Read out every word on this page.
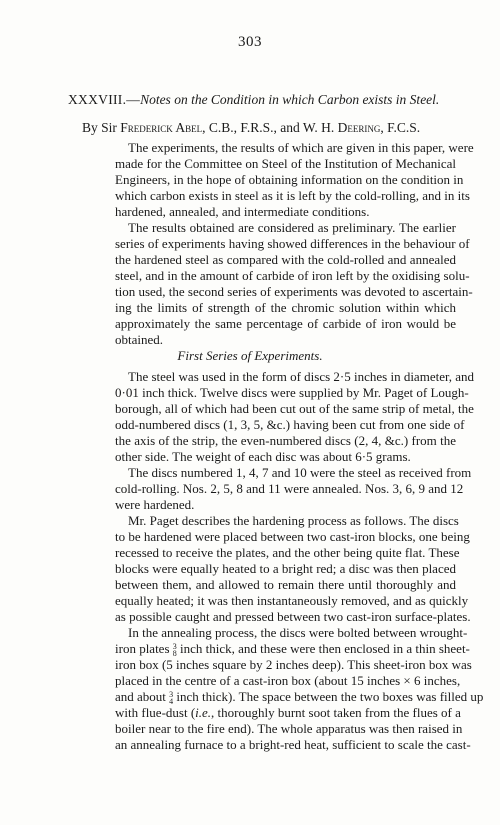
303
XXXVIII.—Notes on the Condition in which Carbon exists in Steel.
By Sir Frederick Abel, C.B., F.R.S., and W. H. Deering, F.C.S.
The experiments, the results of which are given in this paper, were
made for the Committee on Steel of the Institution of Mechanical
Engineers, in the hope of obtaining information on the condition in
which carbon exists in steel as it is left by the cold-rolling, and in its
hardened, annealed, and intermediate conditions.
The results obtained are considered as preliminary. The earlier
series of experiments having showed differences in the behaviour of
the hardened steel as compared with the cold-rolled and annealed
steel, and in the amount of carbide of iron left by the oxidising solu-
tion used, the second series of experiments was devoted to ascertain-
ing the limits of strength of the chromic solution within which
approximately the same percentage of carbide of iron would be
obtained.
First Series of Experiments.
The steel was used in the form of discs 2·5 inches in diameter, and
0·01 inch thick. Twelve discs were supplied by Mr. Paget of Lough-
borough, all of which had been cut out of the same strip of metal, the
odd-numbered discs (1, 3, 5, &c.) having been cut from one side of
the axis of the strip, the even-numbered discs (2, 4, &c.) from the
other side. The weight of each disc was about 6·5 grams.
The discs numbered 1, 4, 7 and 10 were the steel as received from
cold-rolling. Nos. 2, 5, 8 and 11 were annealed. Nos. 3, 6, 9 and 12
were hardened.
Mr. Paget describes the hardening process as follows. The discs
to be hardened were placed between two cast-iron blocks, one being
recessed to receive the plates, and the other being quite flat. These
blocks were equally heated to a bright red; a disc was then placed
between them, and allowed to remain there until thoroughly and
equally heated; it was then instantaneously removed, and as quickly
as possible caught and pressed between two cast-iron surface-plates.
In the annealing process, the discs were bolted between wrought-
iron plates 3
8 inch thick, and these were then enclosed in a thin sheet-
iron box (5 inches square by 2 inches deep). This sheet-iron box was
placed in the centre of a cast-iron box (about 15 inches × 6 inches,
and about 3
4 inch thick). The space between the two boxes was filled up
with flue-dust (i.e., thoroughly burnt soot taken from the flues of a
boiler near to the fire end). The whole apparatus was then raised in
an annealing furnace to a bright-red heat, sufficient to scale the cast-
